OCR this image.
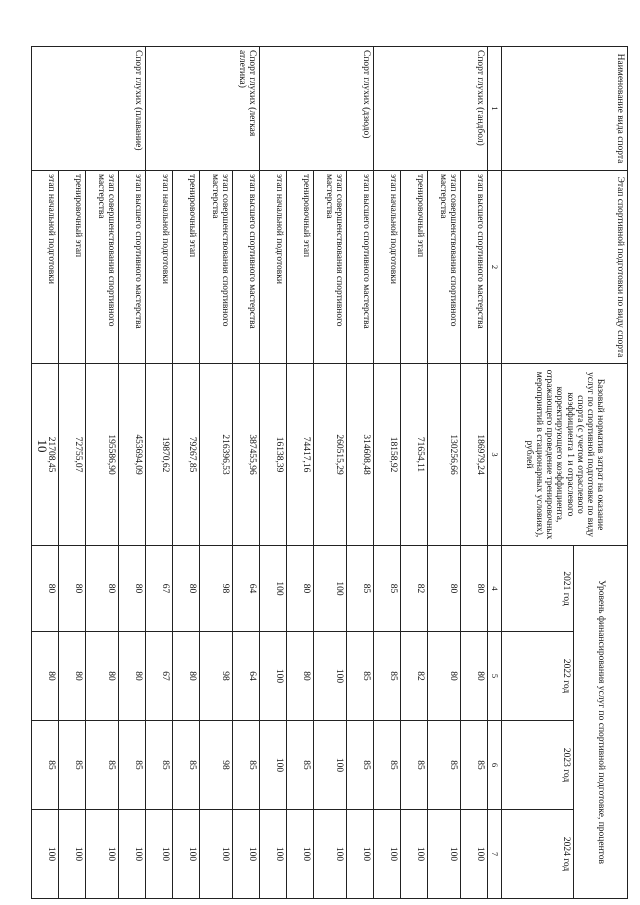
10
Наименование вида спорта	Этап спортивной подготовки по виду спорта	Базовый норматив затрат на оказание услуг по спортивной подготовке по виду спорта (с учетом отраслевого коэффициента 1 и отраслевого корректирующего коэффициента, отражающего проведение тренировочных мероприятий в стационарных условиях), рублей	Уровень финансирования услуг по спортивной подготовке, процентов			
			2021 год	2022 год	2023 год	2024 год
1	2	3	4	5	6	7
Спорт глухих (гандбол)	этап высшего спортивного мастерства	186979,24	80	80	85	100
	этап совершенствования спортивного мастерства	130256,66	80	80	85	100
	тренировочный этап	71654,11	82	82	85	100
	этап начальной подготовки	18158,92	85	85	85	100
Спорт глухих (дзюдо)	этап высшего спортивного мастерства	314608,48	85	85	85	100
	этап совершенствования спортивного мастерства	260515,29	100	100	100	100
	тренировочный этап	74417,16	80	80	85	100
	этап начальной подготовки	16138,39	100	100	100	100
Спорт глухих (легкая атлетика)	этап высшего спортивного мастерства	387455,96	64	64	85	100
	этап совершенствования спортивного мастерства	216396,53	98	98	98	100
	тренировочный этап	79267,85	80	80	85	100
	этап начальной подготовки	19870,62	67	67	85	100
Спорт глухих (плавание)	этап высшего спортивного мастерства	453694,09	80	80	85	100
	этап совершенствования спортивного мастерства	195586,90	80	80	85	100
	тренировочный этап	72755,07	80	80	85	100
	этап начальной подготовки	21708,45	80	80	85	100
